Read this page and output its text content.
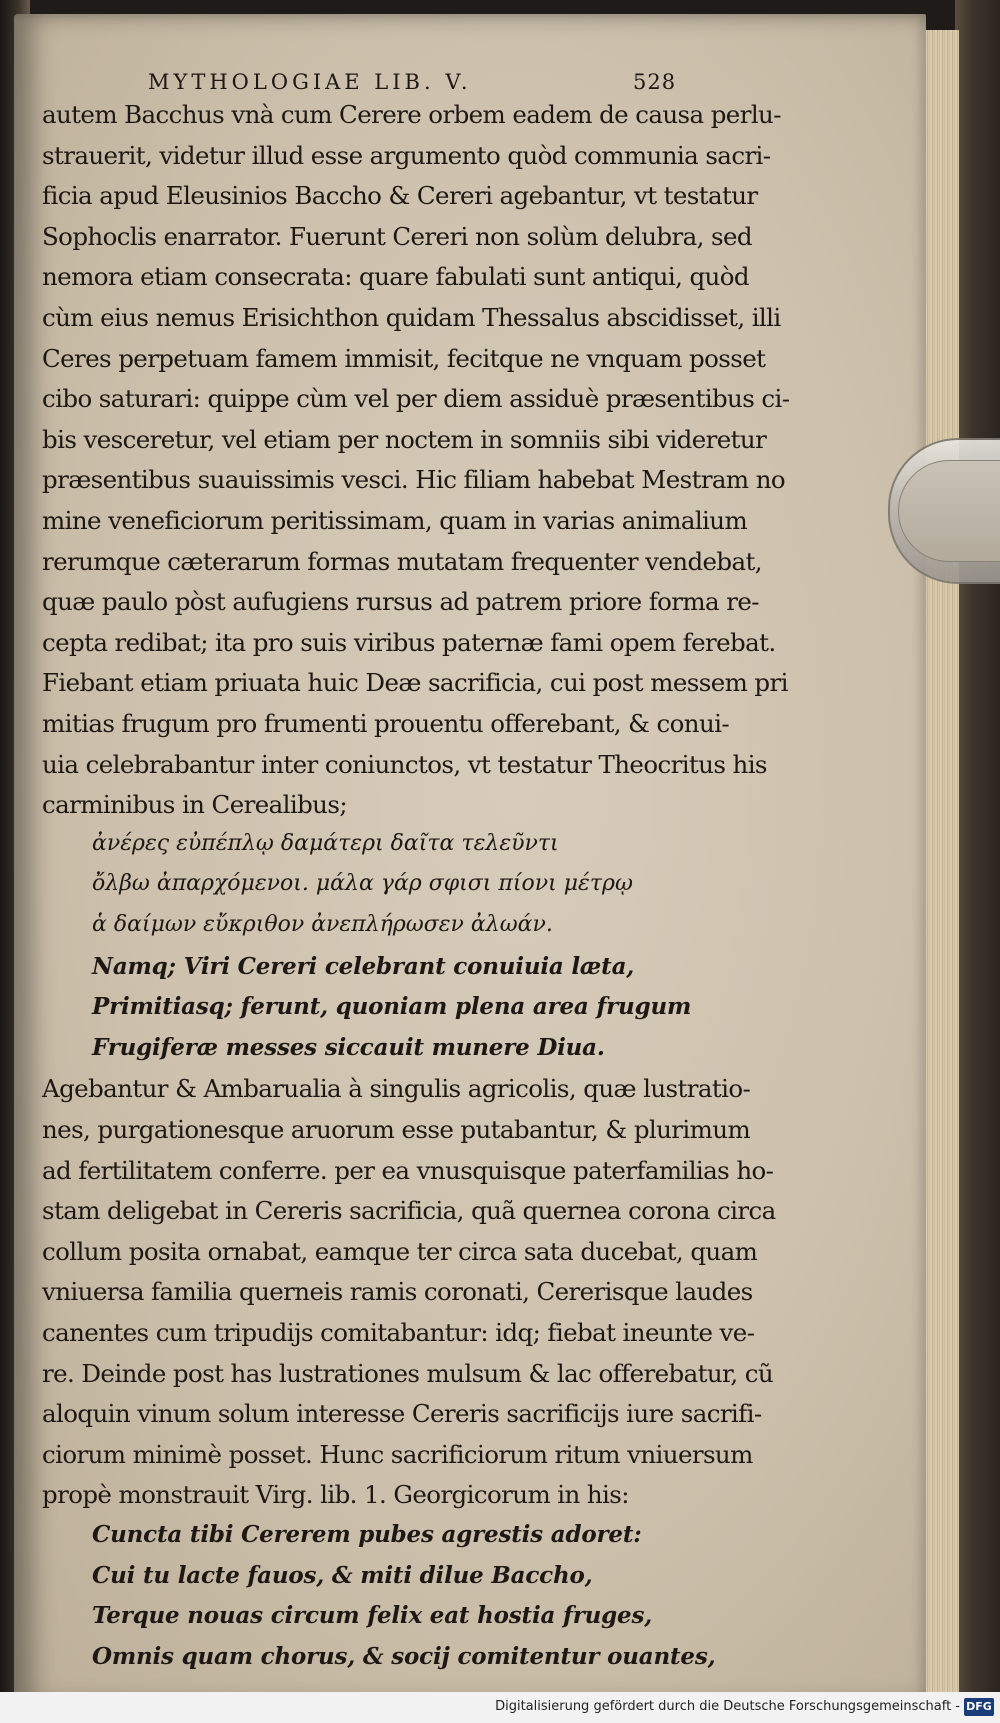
MYTHOLOGIAE LIB. V.	528
autem Bacchus vnà cum Cerere orbem eadem de causa perlu-
strauerit, videtur illud esse argumento quòd communia sacri-
ficia apud Eleusinios Baccho & Cereri agebantur, vt testatur
Sophoclis enarrator. Fuerunt Cereri non solùm delubra, sed
nemora etiam consecrata: quare fabulati sunt antiqui, quòd
cùm eius nemus Erisichthon quidam Thessalus abscidisset, illi
Ceres perpetuam famem immisit, fecitque ne vnquam posset
cibo saturari: quippe cùm vel per diem assiduè præsentibus ci-
bis vesceretur, vel etiam per noctem in somniis sibi videretur
præsentibus suauissimis vesci. Hic filiam habebat Mestram no
mine veneficiorum peritissimam, quam in varias animalium
rerumque cæterarum formas mutatam frequenter vendebat,
quæ paulo pòst aufugiens rursus ad patrem priore forma re-
cepta redibat; ita pro suis viribus paternæ fami opem ferebat.
Fiebant etiam priuata huic Deæ sacrificia, cui post messem pri
mitias frugum pro frumenti prouentu offerebant, & conui-
uia celebrabantur inter coniunctos, vt testatur Theocritus his
carminibus in Cerealibus;
ἀνέρες εὐπέπλῳ δαμάτερι δαῖτα τελεῦντι
ὄλβω ἀπαρχόμενοι. μάλα γάρ σφισι πίονι μέτρῳ
ἁ δαίμων εὔκριθον ἀνεπλήρωσεν ἀλωάν.
Namq; Viri Cereri celebrant conuiuia læta,
Primitiasq; ferunt, quoniam plena area frugum
Frugiferæ messes siccauit munere Diua.
Agebantur & Ambarualia à singulis agricolis, quæ lustratio-
nes, purgationesque aruorum esse putabantur, & plurimum
ad fertilitatem conferre. per ea vnusquisque paterfamilias ho-
stam deligebat in Cereris sacrificia, quã quernea corona circa
collum posita ornabat, eamque ter circa sata ducebat, quam
vniuersa familia querneis ramis coronati, Cererisque laudes
canentes cum tripudijs comitabantur: idq; fiebat ineunte ve-
re. Deinde post has lustrationes mulsum & lac offerebatur, cũ
aloquin vinum solum interesse Cereris sacrificijs iure sacrifi-
ciorum minimè posset. Hunc sacrificiorum ritum vniuersum
propè monstrauit Virg. lib. 1. Georgicorum in his:
Cuncta tibi Cererem pubes agrestis adoret:
Cui tu lacte fauos, & miti dilue Baccho,
Terque nouas circum felix eat hostia fruges,
Omnis quam chorus, & socij comitentur ouantes,
Digitalisierung gefördert durch die Deutsche Forschungsgemeinschaft - DFG
